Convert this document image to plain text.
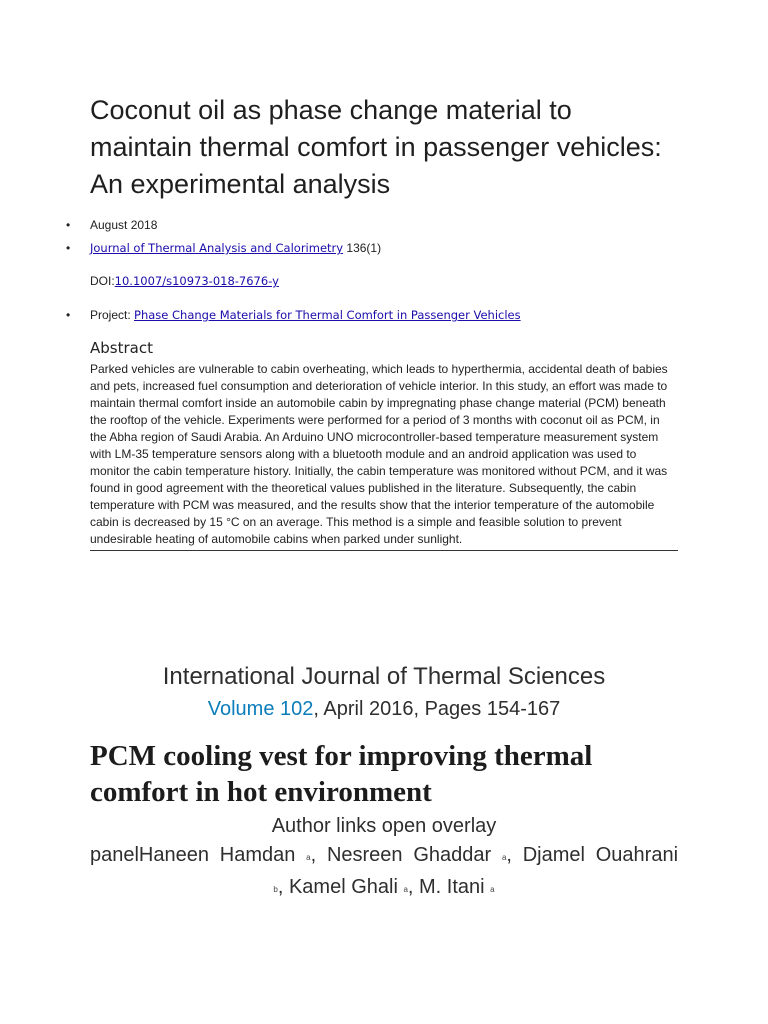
Coconut oil as phase change material to maintain thermal comfort in passenger vehicles: An experimental analysis
• August 2018
• Journal of Thermal Analysis and Calorimetry 136(1)
DOI:10.1007/s10973-018-7676-y
• Project: Phase Change Materials for Thermal Comfort in Passenger Vehicles
Abstract

Parked vehicles are vulnerable to cabin overheating, which leads to hyperthermia, accidental death of babies and pets, increased fuel consumption and deterioration of vehicle interior. In this study, an effort was made to maintain thermal comfort inside an automobile cabin by impregnating phase change material (PCM) beneath the rooftop of the vehicle. Experiments were performed for a period of 3 months with coconut oil as PCM, in the Abha region of Saudi Arabia. An Arduino UNO microcontroller-based temperature measurement system with LM-35 temperature sensors along with a bluetooth module and an android application was used to monitor the cabin temperature history. Initially, the cabin temperature was monitored without PCM, and it was found in good agreement with the theoretical values published in the literature. Subsequently, the cabin temperature with PCM was measured, and the results show that the interior temperature of the automobile cabin is decreased by 15 °C on an average. This method is a simple and feasible solution to prevent undesirable heating of automobile cabins when parked under sunlight.

International Journal of Thermal Sciences
Volume 102, April 2016, Pages 154-167
PCM cooling vest for improving thermal comfort in hot environment
Author links open overlay
panelHaneen Hamdan a, Nesreen Ghaddar a, Djamel Ouahrani
b, Kamel Ghali a, M. Itani a
